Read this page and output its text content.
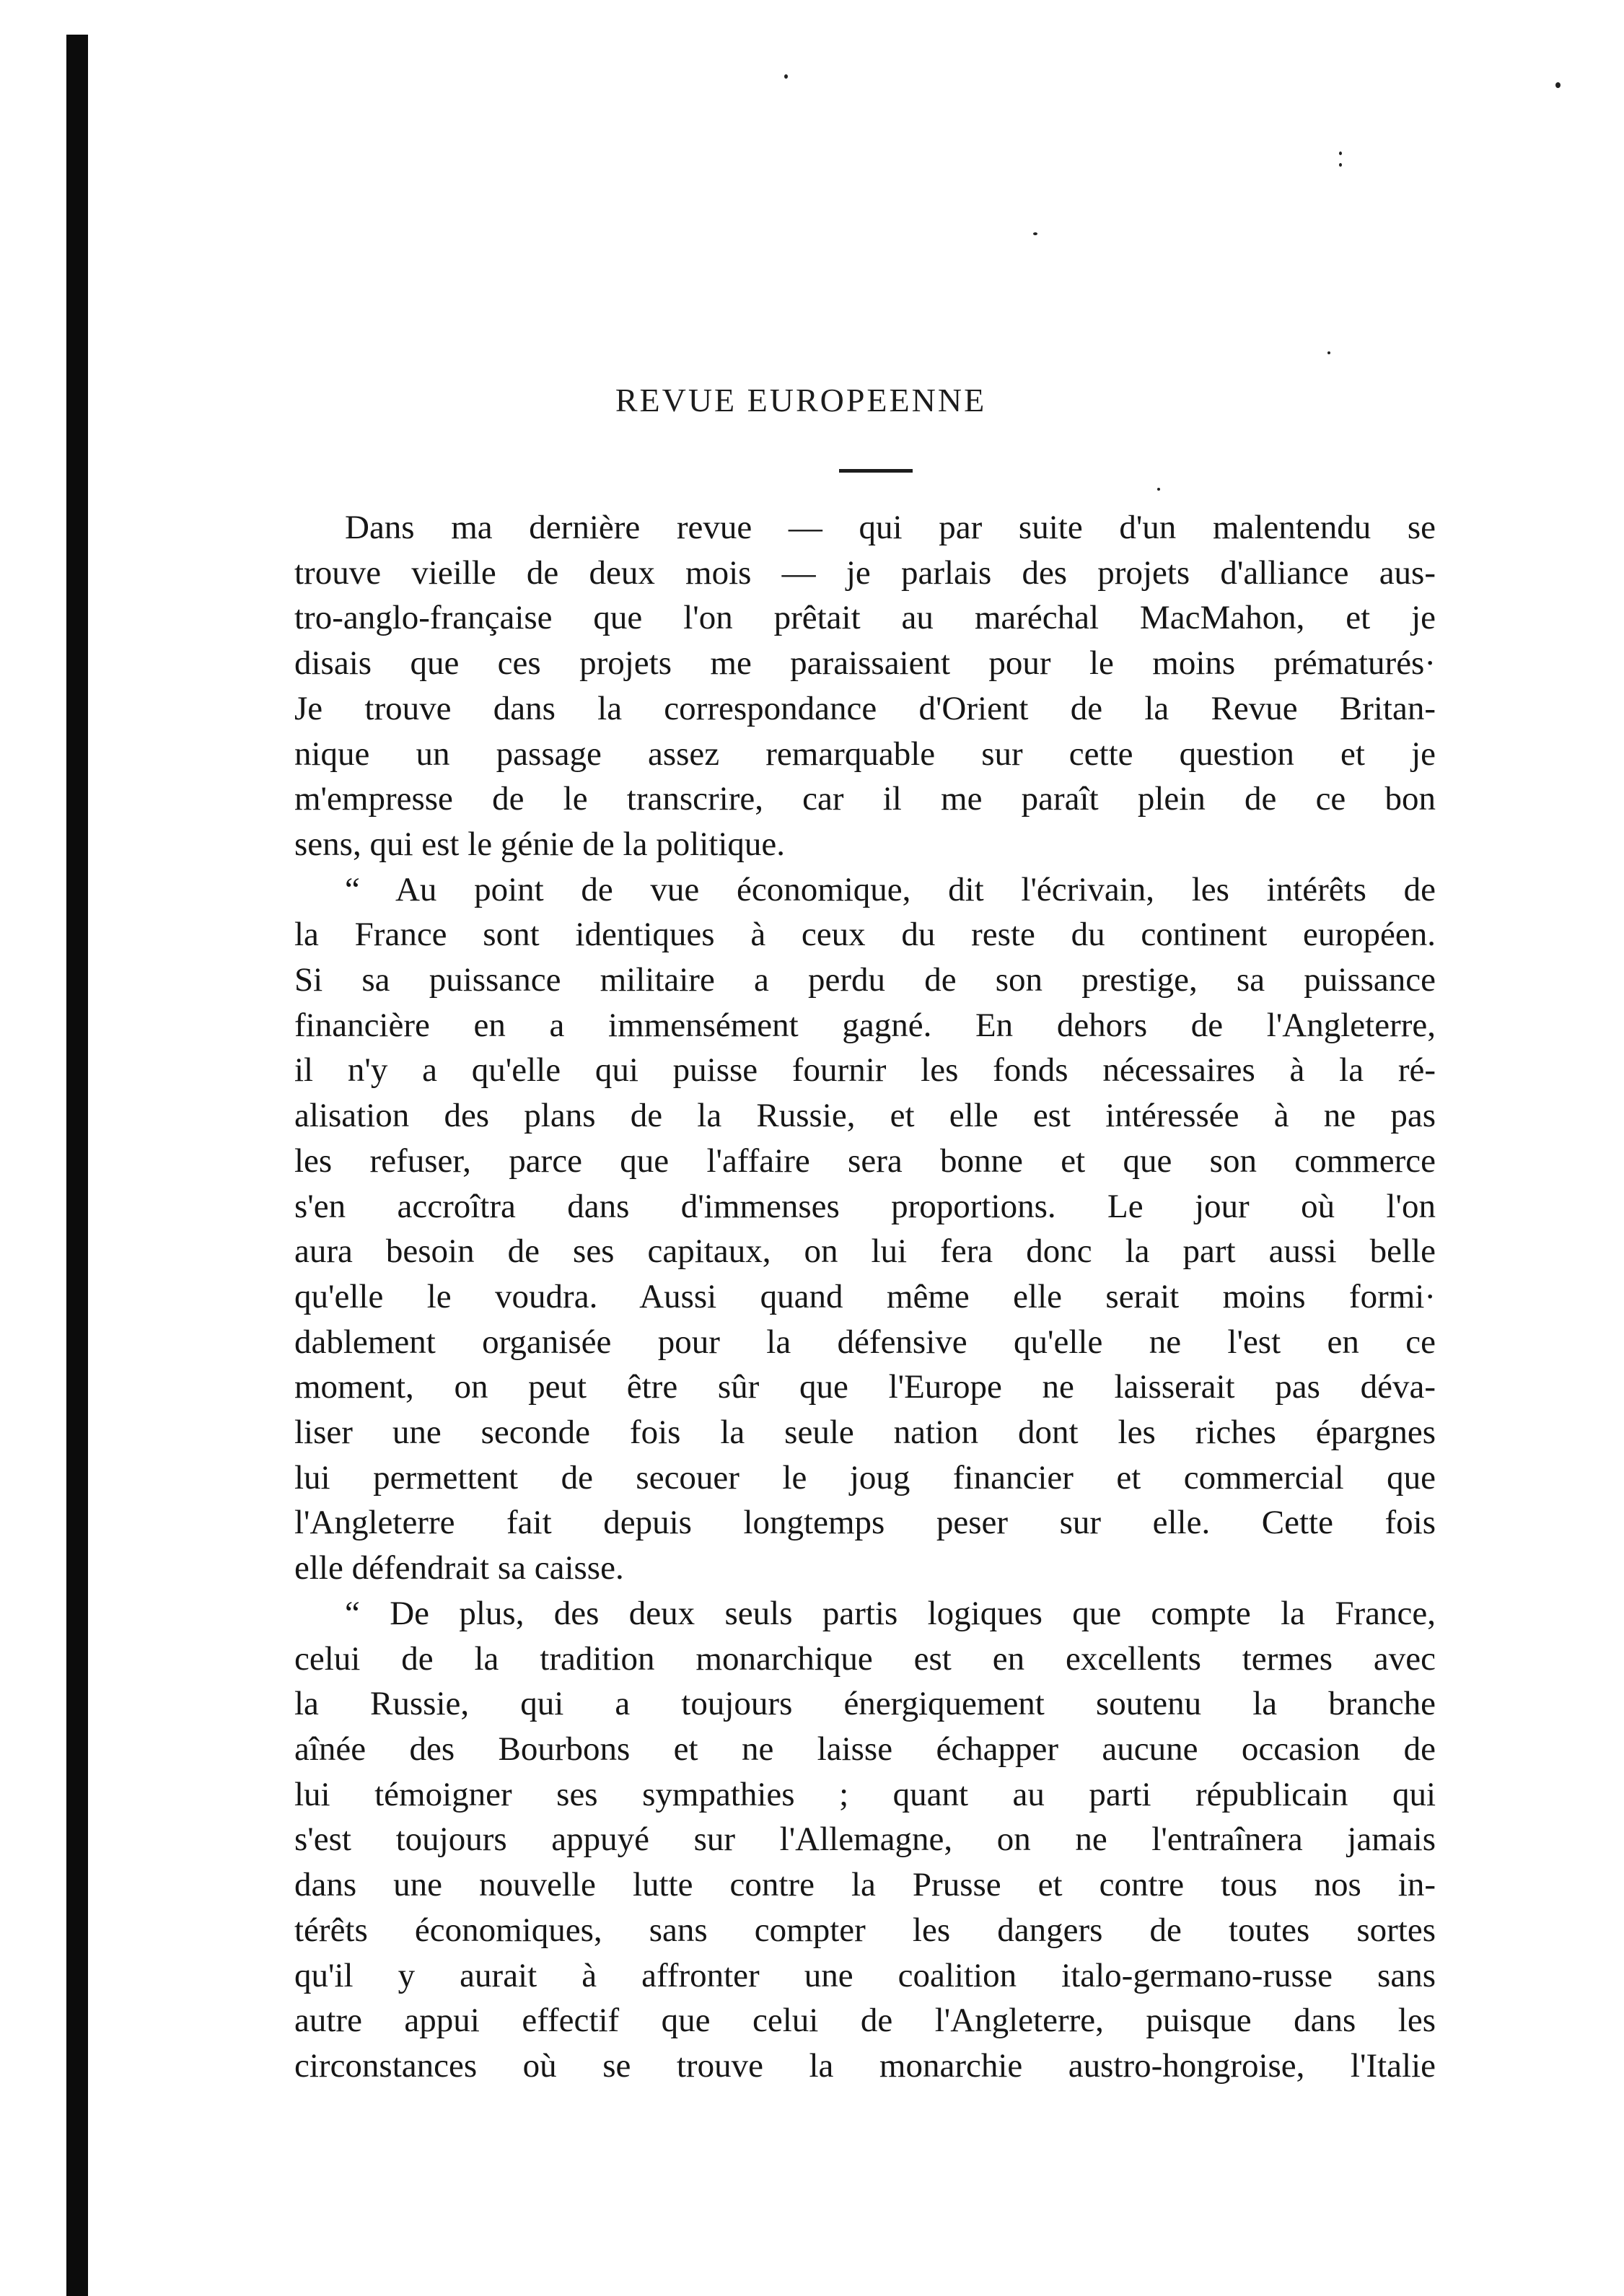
REVUE EUROPEENNE

Dans ma dernière revue — qui par suite d'un malentendu se
trouve vieille de deux mois — je parlais des projets d'alliance aus-
tro-anglo-française que l'on prêtait au maréchal MacMahon, et je
disais que ces projets me paraissaient pour le moins prématurés·
Je trouve dans la correspondance d'Orient de la Revue Britan-
nique un passage assez remarquable sur cette question et je
m'empresse de le transcrire, car il me paraît plein de ce bon
sens, qui est le génie de la politique.

“ Au point de vue économique, dit l'écrivain, les intérêts de
la France sont identiques à ceux du reste du continent européen.
Si sa puissance militaire a perdu de son prestige, sa puissance
financière en a immensément gagné. En dehors de l'Angleterre,
il n'y a qu'elle qui puisse fournir les fonds nécessaires à la ré-
alisation des plans de la Russie, et elle est intéressée à ne pas
les refuser, parce que l'affaire sera bonne et que son commerce
s'en accroîtra dans d'immenses proportions. Le jour où l'on
aura besoin de ses capitaux, on lui fera donc la part aussi belle
qu'elle le voudra. Aussi quand même elle serait moins formi·
dablement organisée pour la défensive qu'elle ne l'est en ce
moment, on peut être sûr que l'Europe ne laisserait pas déva-
liser une seconde fois la seule nation dont les riches épargnes
lui permettent de secouer le joug financier et commercial que
l'Angleterre fait depuis longtemps peser sur elle. Cette fois
elle défendrait sa caisse.

“ De plus, des deux seuls partis logiques que compte la France,
celui de la tradition monarchique est en excellents termes avec
la Russie, qui a toujours énergiquement soutenu la branche
aînée des Bourbons et ne laisse échapper aucune occasion de
lui témoigner ses sympathies ; quant au parti républicain qui
s'est toujours appuyé sur l'Allemagne, on ne l'entraînera jamais
dans une nouvelle lutte contre la Prusse et contre tous nos in-
térêts économiques, sans compter les dangers de toutes sortes
qu'il y aurait à affronter une coalition italo-germano-russe sans
autre appui effectif que celui de l'Angleterre, puisque dans les
circonstances où se trouve la monarchie austro-hongroise, l'Italie
